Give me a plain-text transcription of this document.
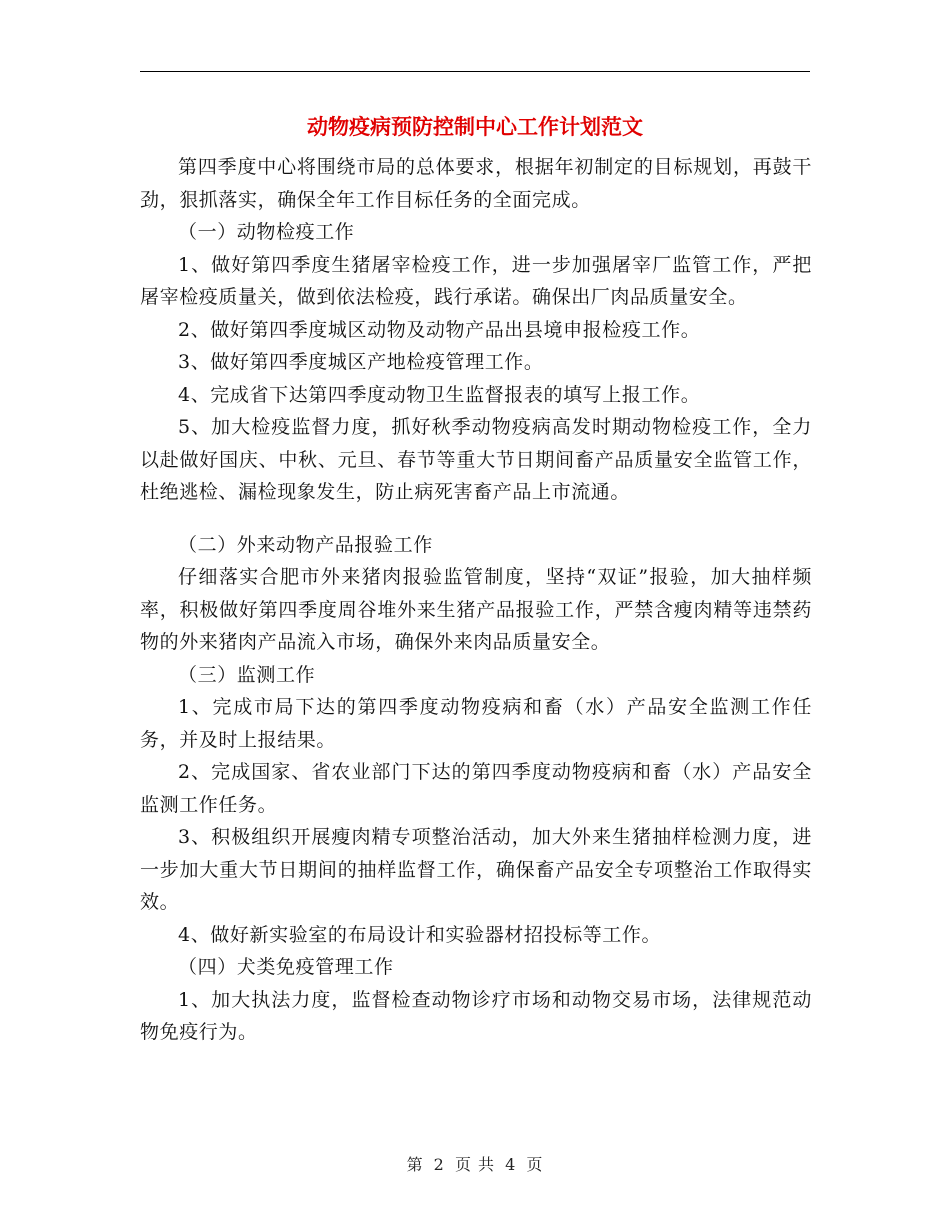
动物疫病预防控制中心工作计划范文

第四季度中心将围绕市局的总体要求，根据年初制定的目标规划，再鼓干劲，狠抓落实，确保全年工作目标任务的全面完成。

（一）动物检疫工作

1、做好第四季度生猪屠宰检疫工作，进一步加强屠宰厂监管工作，严把屠宰检疫质量关，做到依法检疫，践行承诺。确保出厂肉品质量安全。

2、做好第四季度城区动物及动物产品出县境申报检疫工作。

3、做好第四季度城区产地检疫管理工作。

4、完成省下达第四季度动物卫生监督报表的填写上报工作。

5、加大检疫监督力度，抓好秋季动物疫病高发时期动物检疫工作，全力以赴做好国庆、中秋、元旦、春节等重大节日期间畜产品质量安全监管工作，杜绝逃检、漏检现象发生，防止病死害畜产品上市流通。

（二）外来动物产品报验工作

仔细落实合肥市外来猪肉报验监管制度，坚持“双证”报验，加大抽样频率，积极做好第四季度周谷堆外来生猪产品报验工作，严禁含瘦肉精等违禁药物的外来猪肉产品流入市场，确保外来肉品质量安全。

（三）监测工作

1、完成市局下达的第四季度动物疫病和畜（水）产品安全监测工作任务，并及时上报结果。

2、完成国家、省农业部门下达的第四季度动物疫病和畜（水）产品安全监测工作任务。

3、积极组织开展瘦肉精专项整治活动，加大外来生猪抽样检测力度，进一步加大重大节日期间的抽样监督工作，确保畜产品安全专项整治工作取得实效。

4、做好新实验室的布局设计和实验器材招投标等工作。

（四）犬类免疫管理工作

1、加大执法力度，监督检查动物诊疗市场和动物交易市场，法律规范动物免疫行为。

第 2 页 共 4 页
